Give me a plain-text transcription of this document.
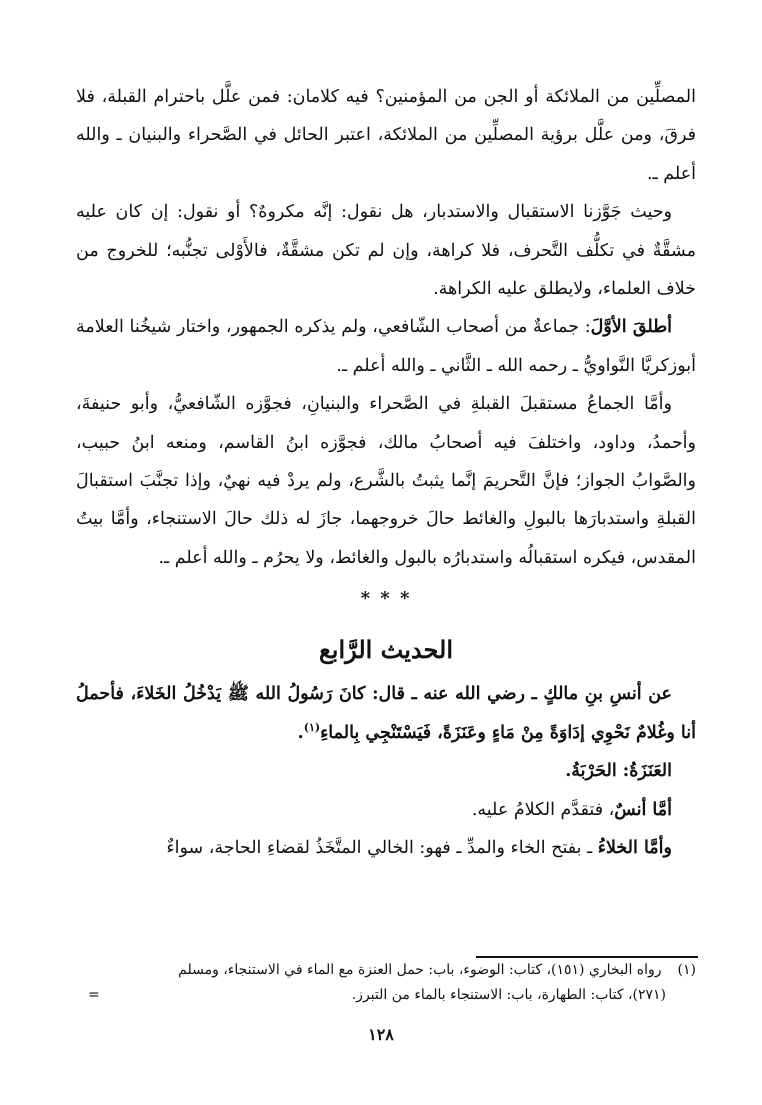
المصلِّين من الملائكة أو الجن من المؤمنين؟ فيه كلامان: فمن علَّل باحترام القبلة، فلا فرقَ، ومن علَّل برؤية المصلِّين من الملائكة، اعتبر الحائل في الصَّحراء والبنيان ـ والله أعلم ـ.

وحيث جَوَّزنا الاستقبال والاستدبار، هل نقول: إنَّه مكروهٌ؟ أو نقول: إن كان عليه مشقَّةٌ في تكلُّف التَّحرف، فلا كراهة، وإن لم تكن مشقَّةٌ، فالأَوْلى تجنُّبه؛ للخروج من خلاف العلماء، ولايطلق عليه الكراهة.

أطلقَ الأوَّلَ: جماعةٌ من أصحاب الشّافعي، ولم يذكره الجمهور، واختار شيخُنا العلامة أبوزكريَّا النَّواويُّ ـ رحمه الله ـ الثَّاني ـ والله أعلم ـ.

وأمَّا الجماعُ مستقبلَ القبلةِ في الصَّحراء والبنيانِ، فجوَّزه الشّافعيُّ، وأبو حنيفةَ، وأحمدُ، وداود، واختلفَ فيه أصحابُ مالك، فجوَّزه ابنُ القاسم، ومنعه ابنُ حبيب، والصَّوابُ الجواز؛ فإنَّ التَّحريمَ إنَّما يثبتُ بالشَّرع، ولم يردْ فيه نهيٌ، وإذا تجنَّبَ استقبالَ القبلةِ واستدبارَها بالبولِ والغائط حالَ خروجهما، جازَ له ذلك حالَ الاستنجاء، وأمَّا بيتُ المقدس، فيكره استقبالُه واستدبارُه بالبول والغائط، ولا يحرُم ـ والله أعلم ـ.

* * *

الحديث الرَّابع

عن أنسِ بنِ مالكٍ ـ رضي الله عنه ـ قال: كانَ رَسُولُ الله ﷺ يَدْخُلُ الخَلاءَ، فأحملُ أنا وغُلامٌ نَحْوِي إدَاوَةً مِنْ مَاءٍ وعَنَزَةً، فَيَسْتَنْجِي بِالماءِ$^{(١)}$.

العَنَزَةُ: الحَرْبَةُ.

أمَّا أنسٌ، فتقدَّم الكلامُ عليه.

وأمَّا الخلاءُ ـ بفتح الخاء والمدِّ ـ فهو: الخالي المتَّخَذُ لقضاءِ الحاجة، سواءٌ

(١)رواه البخاري (١٥١)، كتاب: الوضوء، باب: حمل العنزة مع الماء في الاستنجاء، ومسلم

(٢٧١)، كتاب: الطهارة، باب: الاستنجاء بالماء من التبرز.

=
١٢٨
